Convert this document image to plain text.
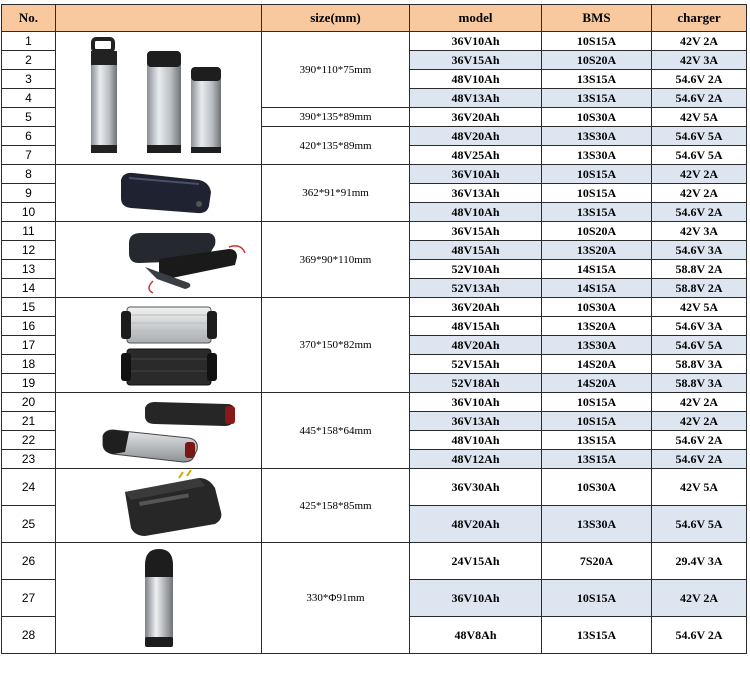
No.		size(mm)	model	BMS	charger
1		390*110*75mm	36V10Ah	10S15A	42V 2A
2			36V15Ah	10S20A	42V 3A
3			48V10Ah	13S15A	54.6V 2A
4			48V13Ah	13S15A	54.6V 2A
5		390*135*89mm	36V20Ah	10S30A	42V 5A
6		420*135*89mm	48V20Ah	13S30A	54.6V 5A
7			48V25Ah	13S30A	54.6V 5A
8		362*91*91mm	36V10Ah	10S15A	42V 2A
9			36V13Ah	10S15A	42V 2A
10			48V10Ah	13S15A	54.6V 2A
11		369*90*110mm	36V15Ah	10S20A	42V 3A
12			48V15Ah	13S20A	54.6V 3A
13			52V10Ah	14S15A	58.8V 2A
14			52V13Ah	14S15A	58.8V 2A
15		370*150*82mm	36V20Ah	10S30A	42V 5A
16			48V15Ah	13S20A	54.6V 3A
17			48V20Ah	13S30A	54.6V 5A
18			52V15Ah	14S20A	58.8V 3A
19			52V18Ah	14S20A	58.8V 3A
20		445*158*64mm	36V10Ah	10S15A	42V 2A
21			36V13Ah	10S15A	42V 2A
22			48V10Ah	13S15A	54.6V 2A
23			48V12Ah	13S15A	54.6V 2A
24		425*158*85mm	36V30Ah	10S30A	42V 5A
25			48V20Ah	13S30A	54.6V 5A
26		330*Φ91mm	24V15Ah	7S20A	29.4V 3A
27			36V10Ah	10S15A	42V 2A
28			48V8Ah	13S15A	54.6V 2A
